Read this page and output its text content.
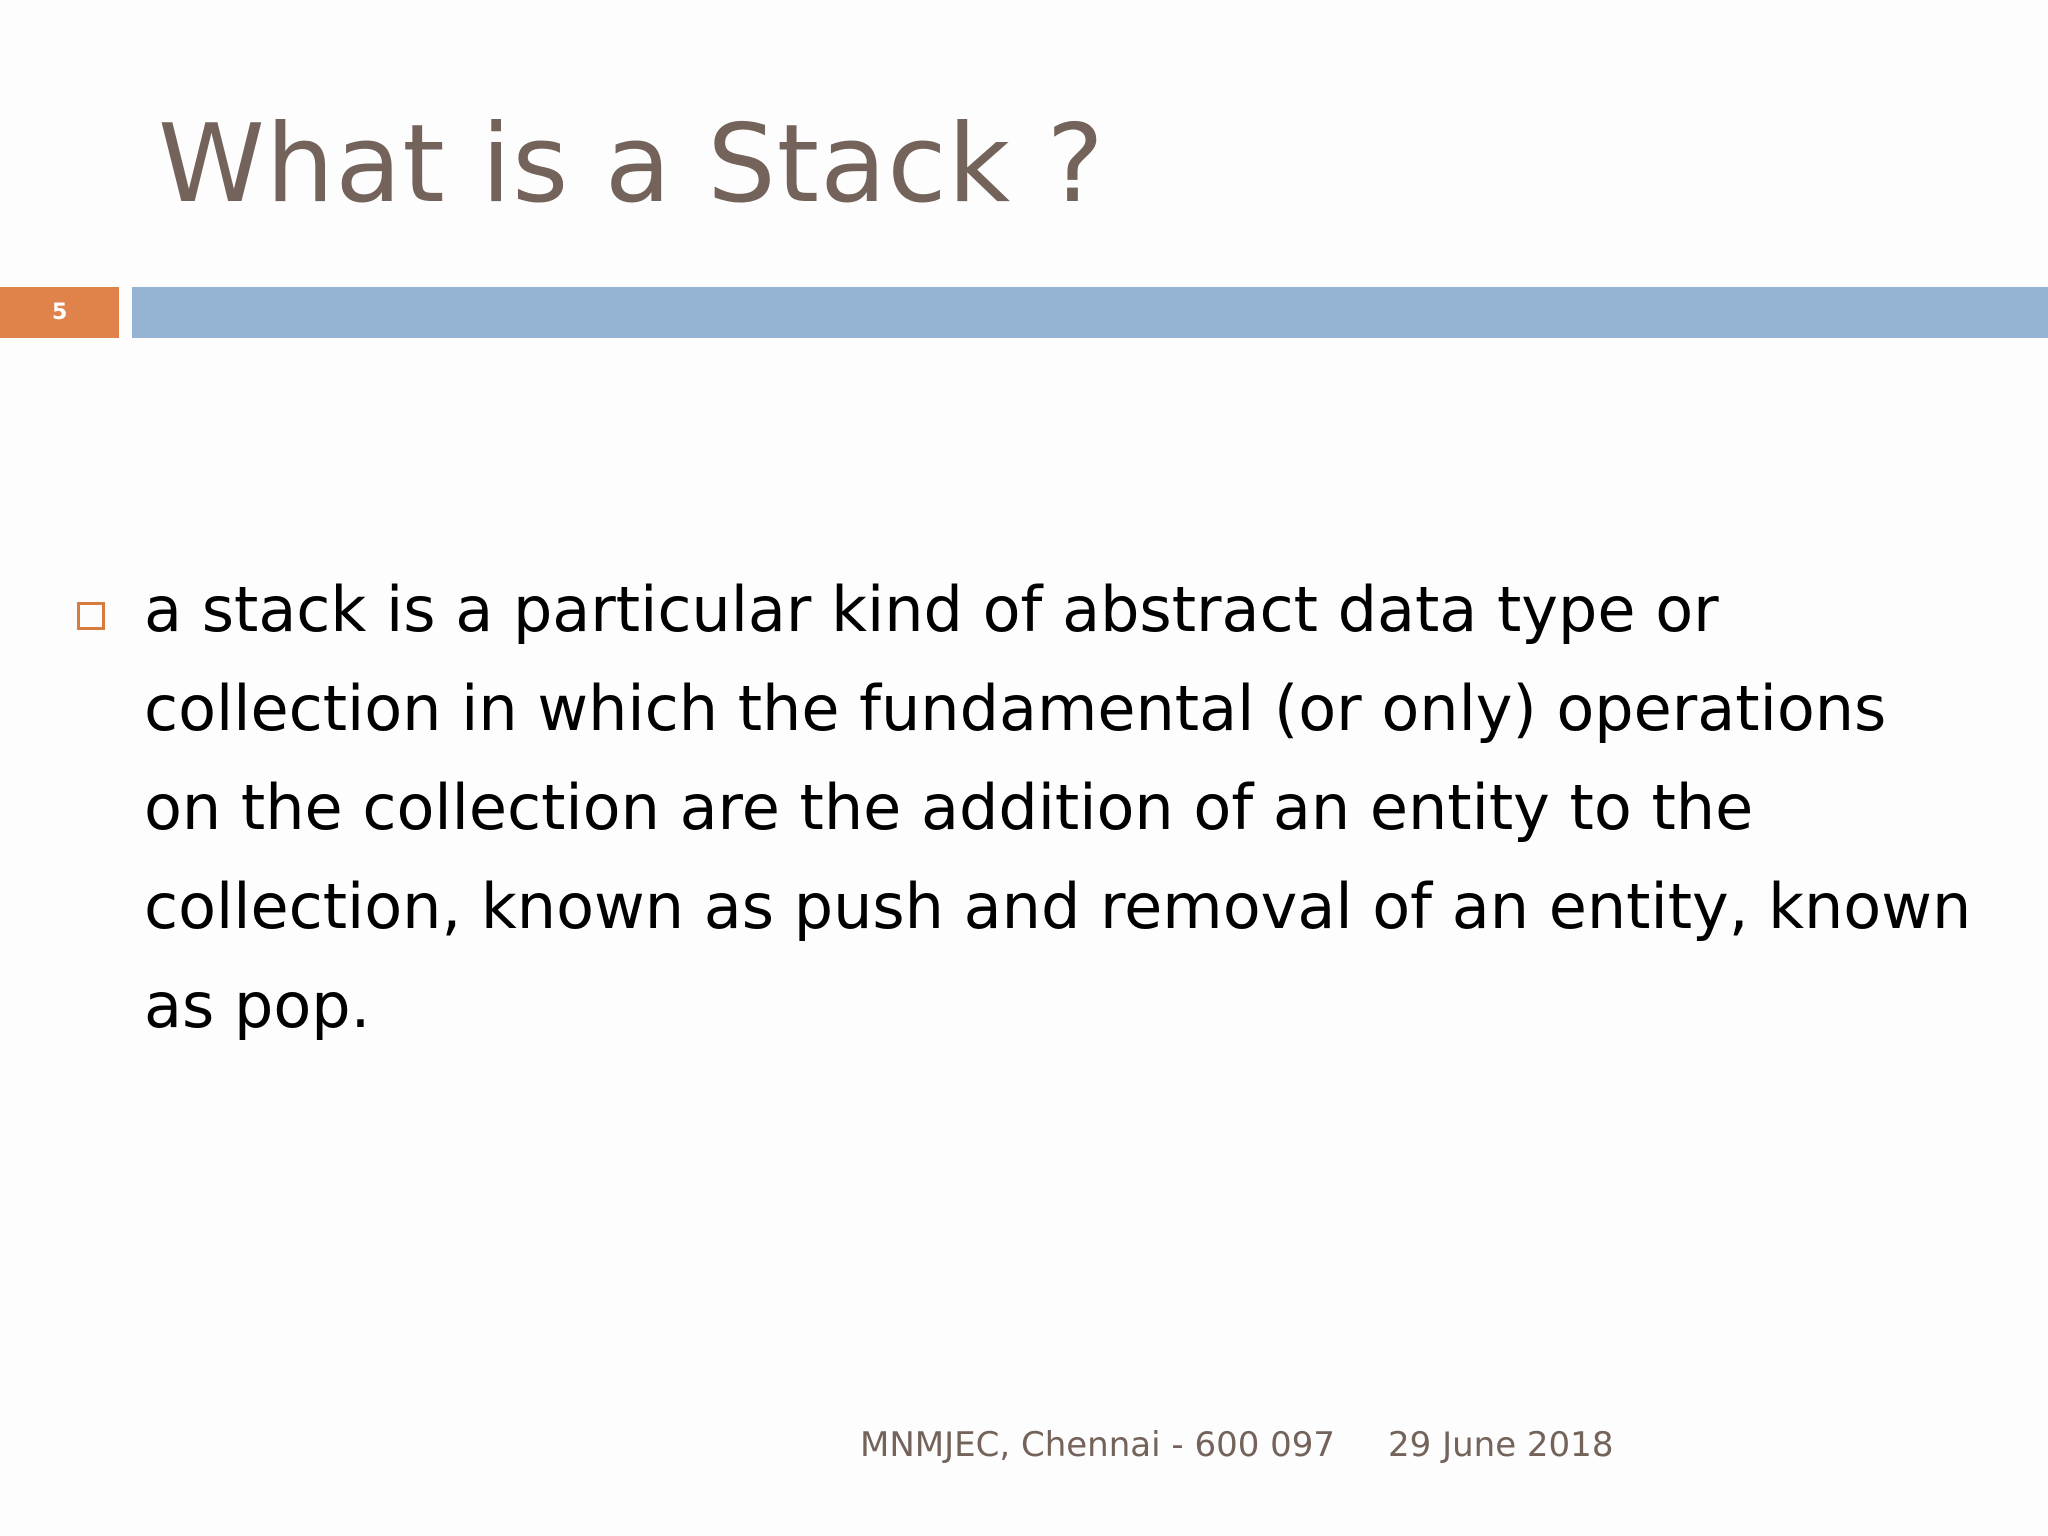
What is a Stack ?
5
a stack is a particular kind of abstract data type or collection in which the fundamental (or only) operations on the collection are the addition of an entity to the collection, known as push and removal of an entity, known as pop.
MNMJEC, Chennai - 600 097 29 June 2018
